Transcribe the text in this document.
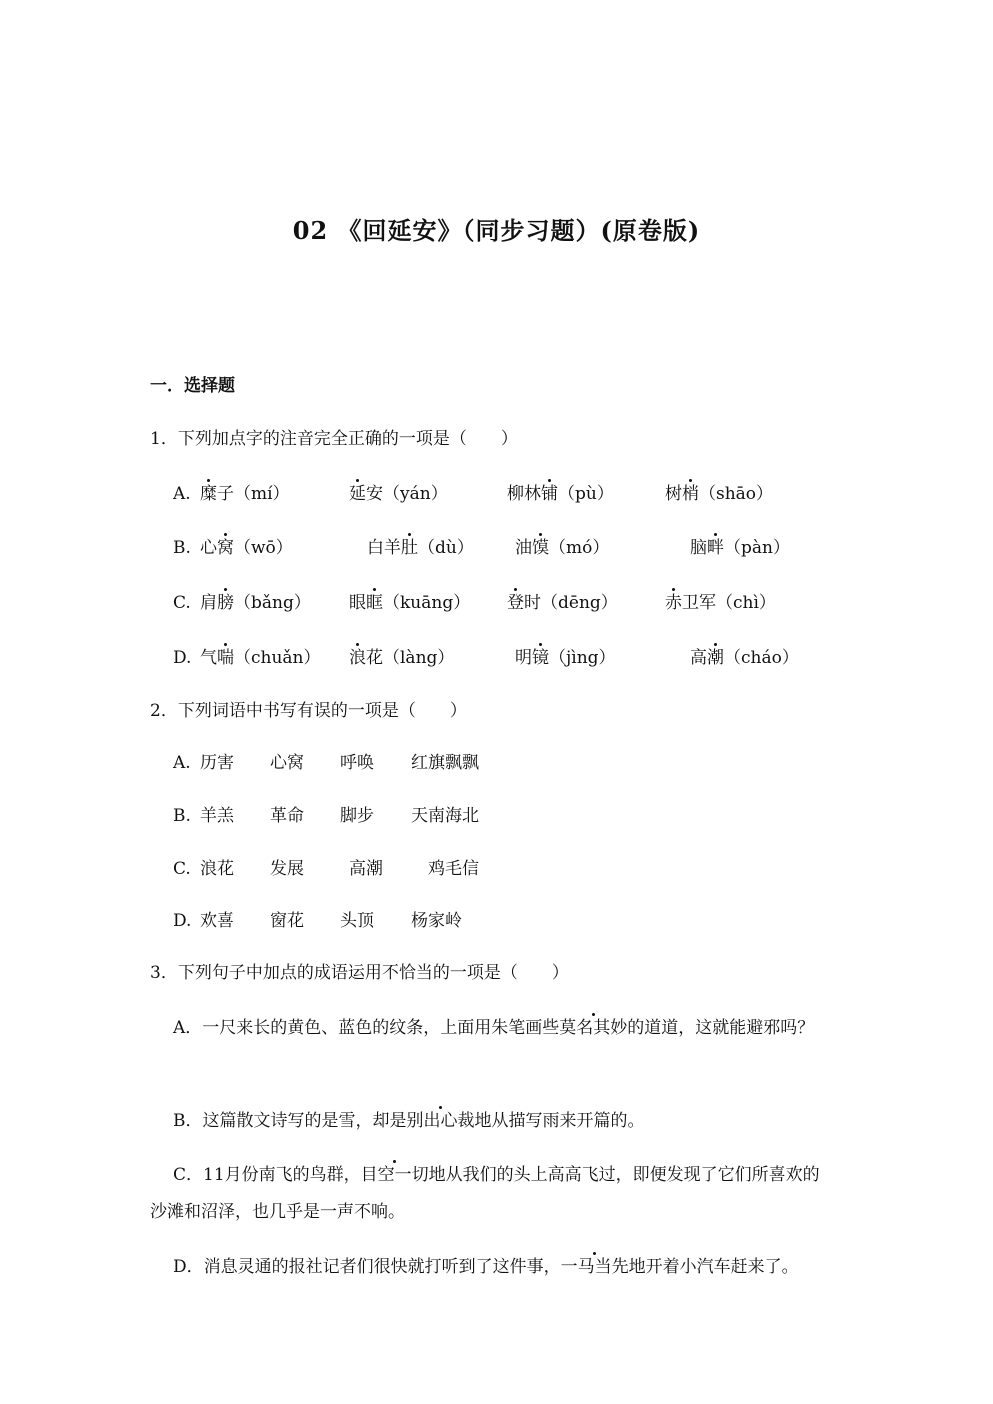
02 《回延安》（同步习题）(原卷版)
一．选择题
1．下列加点字的注音完全正确的一项是（　　）
A. 糜子（mí）	延安（yán）	柳林铺（pù）	树梢（shāo）
B. 心窝（wō）	白羊肚（dù） 油馍（mó）	脑畔（pàn）
C. 肩膀（bǎng） 眼眶（kuāng） 登时（dēng）	赤卫军（chì）
D. 气喘（chuǎn） 浪花（làng）	明镜（jìng）	高潮（cháo）
2．下列词语中书写有误的一项是（　　）
A. 历害 心窝 呼唤 红旗飘飘
B. 羊羔 革命 脚步 天南海北
C. 浪花 发展	高潮	鸡毛信
D. 欢喜 窗花 头顶 杨家岭
3．下列句子中加点的成语运用不恰当的一项是（　　）
A．一尺来长的黄色、蓝色的纹条，上面用朱笔画些莫名其妙的道道，这就能避邪吗？
B．这篇散文诗写的是雪，却是别出心裁地从描写雨来开篇的。
C．11月份南飞的鸟群，目空一切地从我们的头上高高飞过，即便发现了它们所喜欢的
沙滩和沼泽，也几乎是一声不响。
D．消息灵通的报社记者们很快就打听到了这件事，一马当先地开着小汽车赶来了。
